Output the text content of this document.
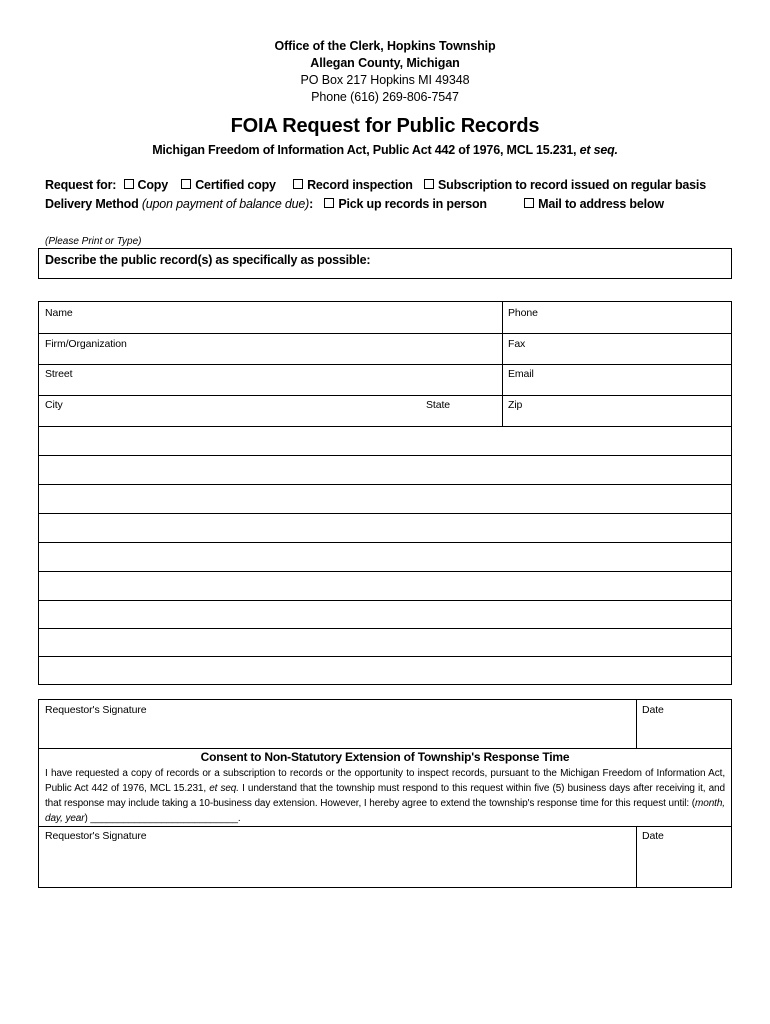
Office of the Clerk, Hopkins Township
Allegan County, Michigan
PO Box 217 Hopkins MI 49348
Phone (616) 269-806-7547
FOIA Request for Public Records
Michigan Freedom of Information Act, Public Act 442 of 1976, MCL 15.231, et seq.
Request for: Copy Certified copy	Record inspection Subscription to record issued on regular basis
Delivery Method (upon payment of balance due): Pick up records in person	Mail to address below
(Please Print or Type)
Describe the public record(s) as specifically as possible:
Name	Phone
Firm/Organization	Fax
Street	Email
City	State	Zip
Requestor's Signature	Date
Consent to Non-Statutory Extension of Township's Response Time
I have requested a copy of records or a subscription to records or the opportunity to inspect records, pursuant to the Michigan Freedom of Information Act, Public Act 442 of 1976, MCL 15.231, et seq. I understand that the township must respond to this request within five (5) business days after receiving it, and that response may include taking a 10-business day extension. However, I hereby agree to extend the township's response time for this request until: (month, day, year) ___________________________.
Requestor's Signature	Date
